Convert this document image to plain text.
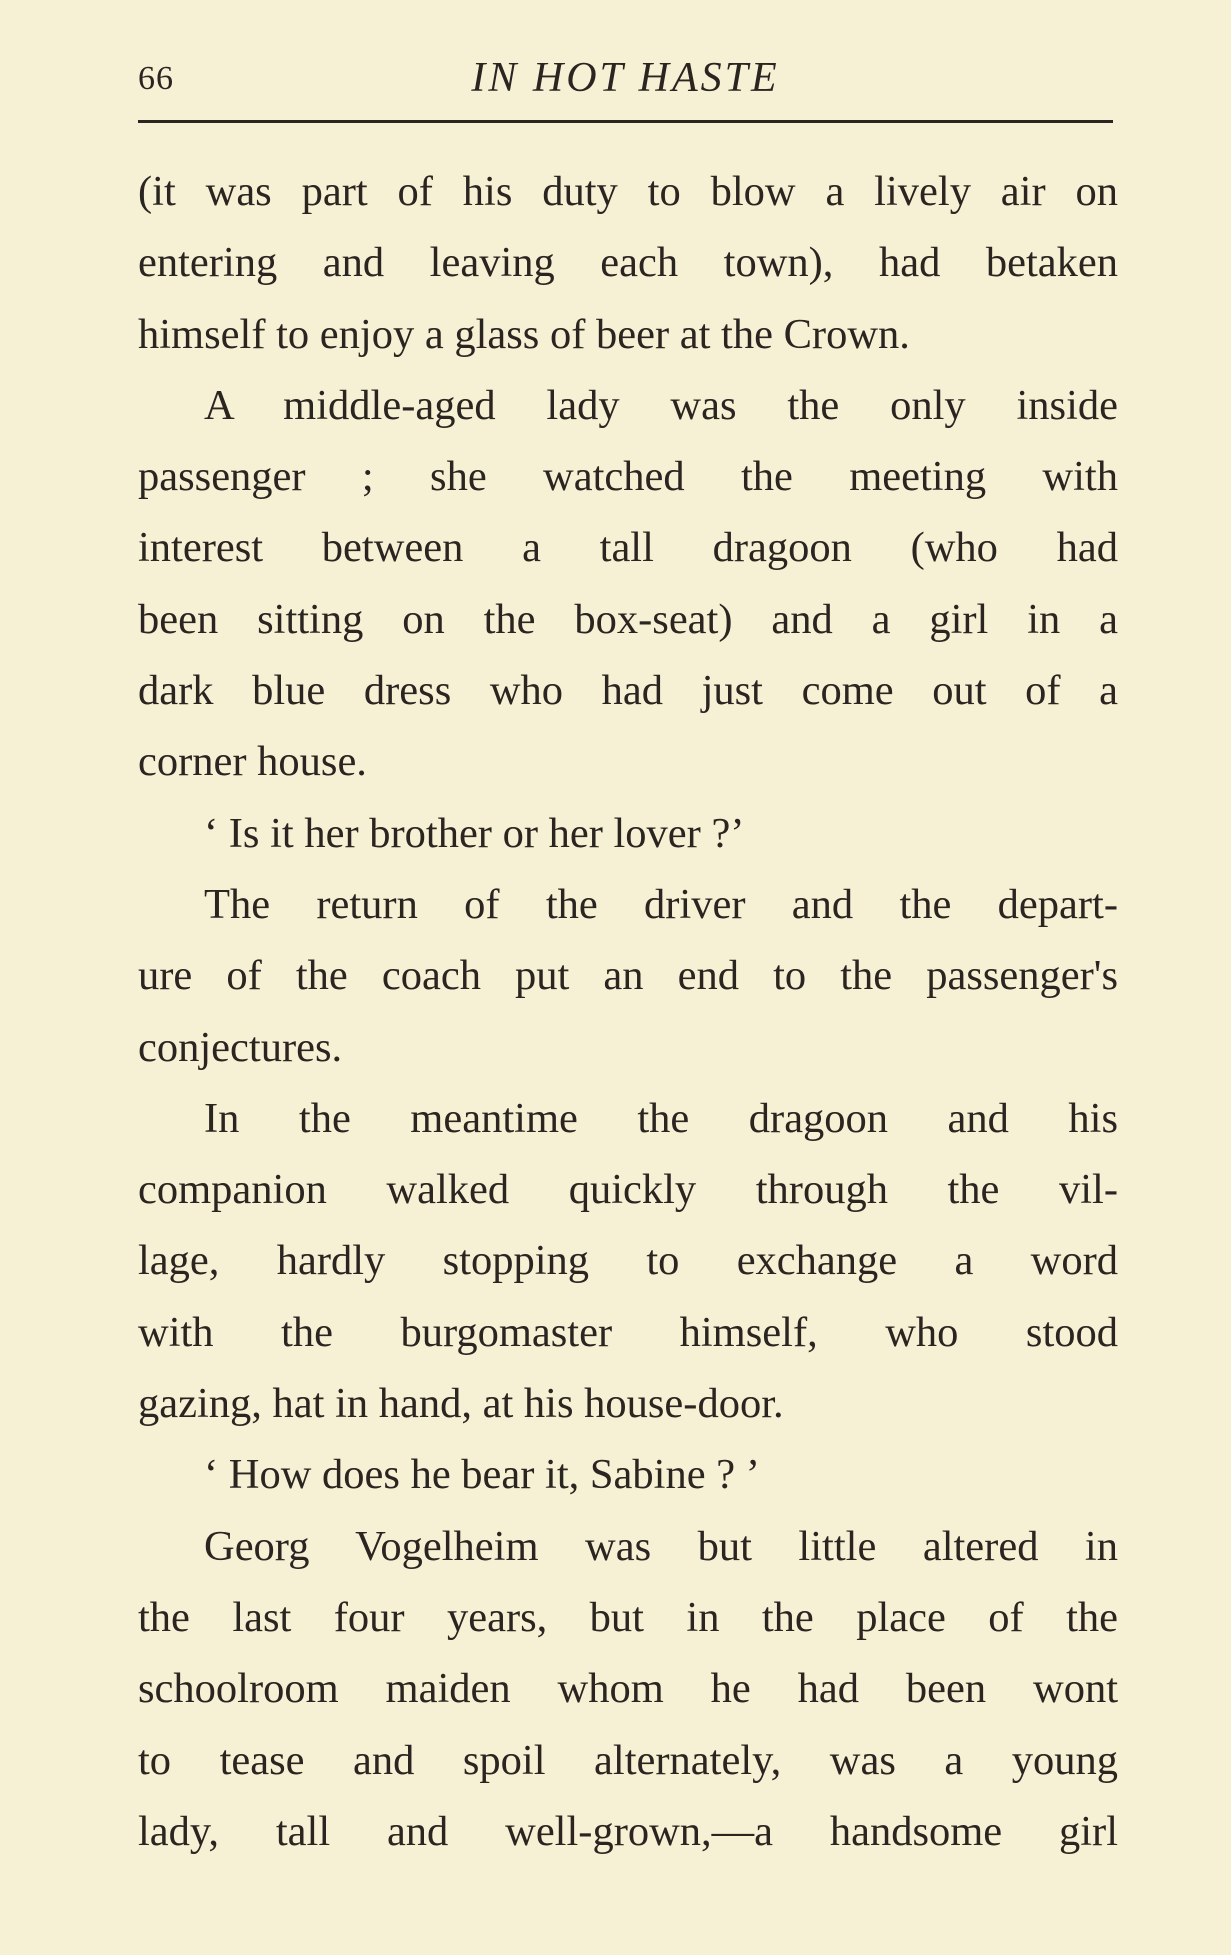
66	IN HOT HASTE
(it was part of his duty to blow a lively air on
entering and leaving each town), had betaken
himself to enjoy a glass of beer at the Crown.
A middle-aged lady was the only inside
passenger ; she watched the meeting with
interest between a tall dragoon (who had
been sitting on the box-seat) and a girl in a
dark blue dress who had just come out of a
corner house.
‘ Is it her brother or her lover ?’
The return of the driver and the depart-
ure of the coach put an end to the passenger's
conjectures.
In the meantime the dragoon and his
companion walked quickly through the vil-
lage, hardly stopping to exchange a word
with the burgomaster himself, who stood
gazing, hat in hand, at his house-door.
‘ How does he bear it, Sabine ? ’
Georg Vogelheim was but little altered in
the last four years, but in the place of the
schoolroom maiden whom he had been wont
to tease and spoil alternately, was a young
lady, tall and well-grown,—a handsome girl
